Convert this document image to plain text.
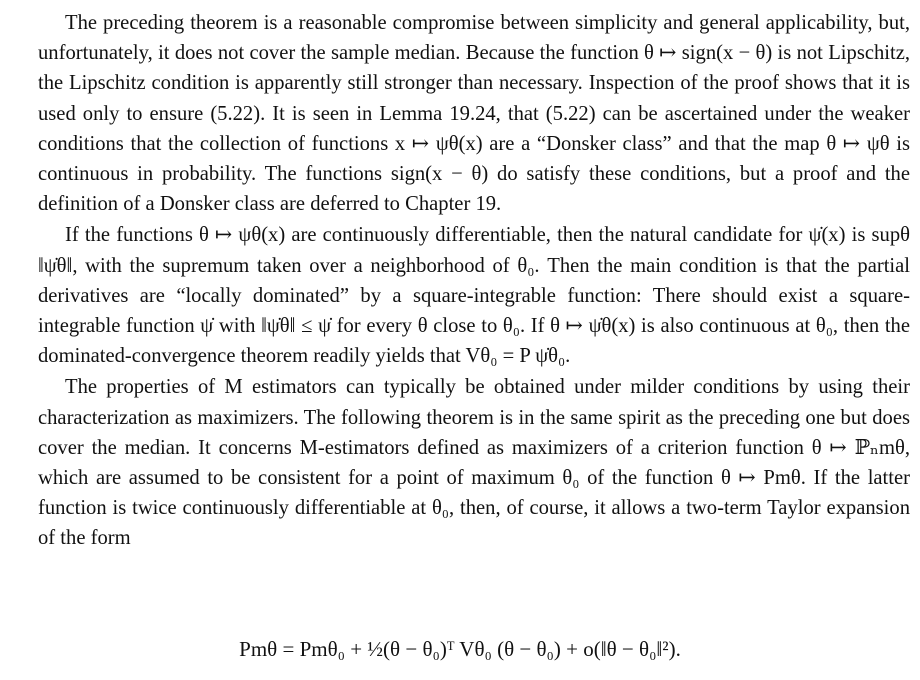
The preceding theorem is a reasonable compromise between simplicity and general applicability, but, unfortunately, it does not cover the sample median. Because the function θ ↦ sign(x − θ) is not Lipschitz, the Lipschitz condition is apparently still stronger than necessary. Inspection of the proof shows that it is used only to ensure (5.22). It is seen in Lemma 19.24, that (5.22) can be ascertained under the weaker conditions that the collection of functions x ↦ ψθ(x) are a “Donsker class” and that the map θ ↦ ψθ is continuous in probability. The functions sign(x − θ) do satisfy these conditions, but a proof and the definition of a Donsker class are deferred to Chapter 19.

If the functions θ ↦ ψθ(x) are continuously differentiable, then the natural candidate for ψ̇(x) is supθ ‖ψ̇θ‖, with the supremum taken over a neighborhood of θ₀. Then the main condition is that the partial derivatives are “locally dominated” by a square-integrable function: There should exist a square-integrable function ψ̇ with ‖ψ̇θ‖ ≤ ψ̇ for every θ close to θ₀. If θ ↦ ψ̇θ(x) is also continuous at θ₀, then the dominated-convergence theorem readily yields that Vθ₀ = P ψ̇θ₀.

The properties of M estimators can typically be obtained under milder conditions by using their characterization as maximizers. The following theorem is in the same spirit as the preceding one but does cover the median. It concerns M-estimators defined as maximizers of a criterion function θ ↦ ℙₙmθ, which are assumed to be consistent for a point of maximum θ₀ of the function θ ↦ Pmθ. If the latter function is twice continuously differentiable at θ₀, then, of course, it allows a two-term Taylor expansion of the form

Pmθ = Pmθ₀ + ½(θ − θ₀)ᵀ Vθ₀ (θ − θ₀) + o(‖θ − θ₀‖²).
